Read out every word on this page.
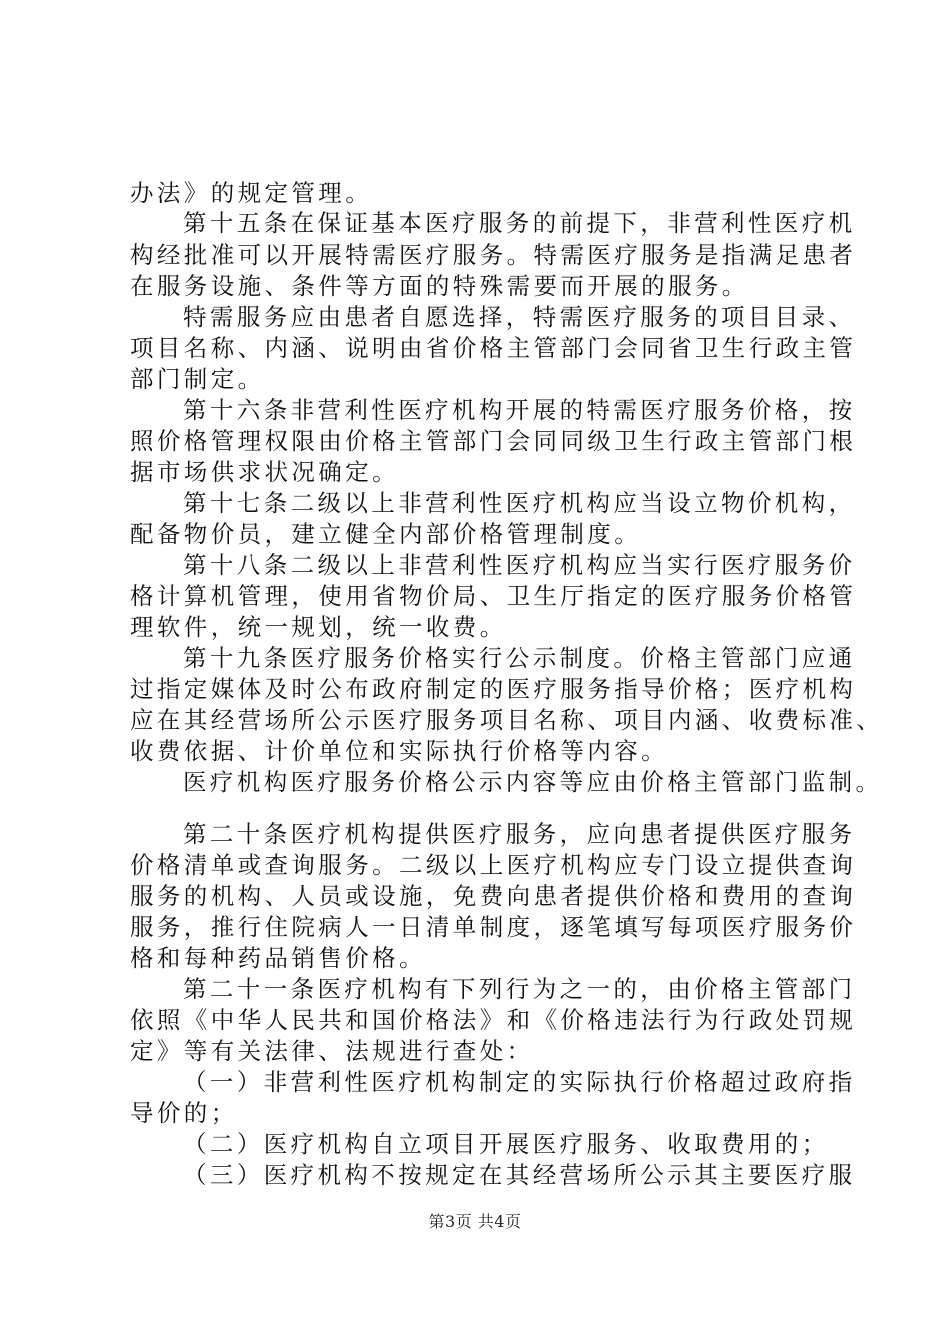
办法》的规定管理。
第十五条在保证基本医疗服务的前提下，非营利性医疗机
构经批准可以开展特需医疗服务。特需医疗服务是指满足患者
在服务设施、条件等方面的特殊需要而开展的服务。
特需服务应由患者自愿选择，特需医疗服务的项目目录、
项目名称、内涵、说明由省价格主管部门会同省卫生行政主管
部门制定。
第十六条非营利性医疗机构开展的特需医疗服务价格，按
照价格管理权限由价格主管部门会同同级卫生行政主管部门根
据市场供求状况确定。
第十七条二级以上非营利性医疗机构应当设立物价机构，
配备物价员，建立健全内部价格管理制度。
第十八条二级以上非营利性医疗机构应当实行医疗服务价
格计算机管理，使用省物价局、卫生厅指定的医疗服务价格管
理软件，统一规划，统一收费。
第十九条医疗服务价格实行公示制度。价格主管部门应通
过指定媒体及时公布政府制定的医疗服务指导价格；医疗机构
应在其经营场所公示医疗服务项目名称、项目内涵、收费标准、
收费依据、计价单位和实际执行价格等内容。
医疗机构医疗服务价格公示内容等应由价格主管部门监制。
第二十条医疗机构提供医疗服务，应向患者提供医疗服务
价格清单或查询服务。二级以上医疗机构应专门设立提供查询
服务的机构、人员或设施，免费向患者提供价格和费用的查询
服务，推行住院病人一日清单制度，逐笔填写每项医疗服务价
格和每种药品销售价格。
第二十一条医疗机构有下列行为之一的，由价格主管部门
依照《中华人民共和国价格法》和《价格违法行为行政处罚规
定》等有关法律、法规进行查处：
（一）非营利性医疗机构制定的实际执行价格超过政府指
导价的；
（二）医疗机构自立项目开展医疗服务、收取费用的；
（三）医疗机构不按规定在其经营场所公示其主要医疗服
第3页 共4页
